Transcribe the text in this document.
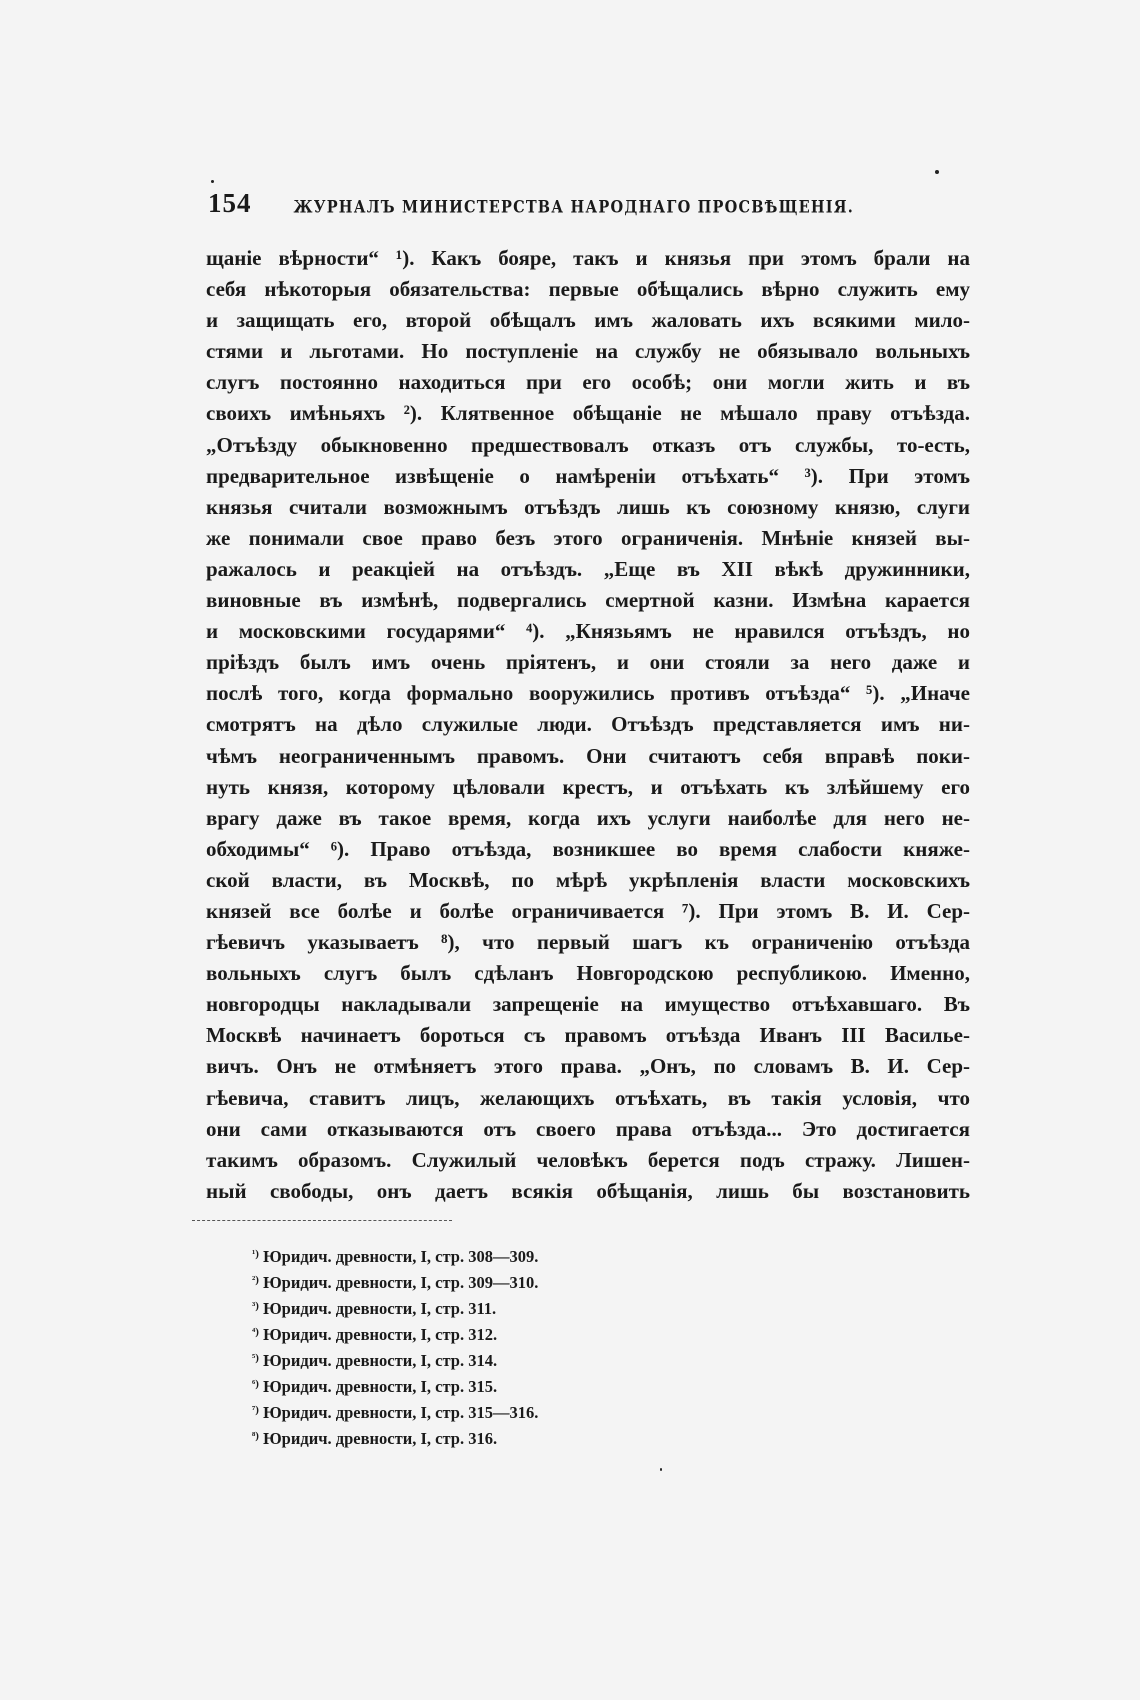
154	ЖУРНАЛЪ МИНИСТЕРСТВА НАРОДНАГО ПРОСВѢЩЕНІЯ.
щаніе вѣрности“ ¹). Какъ бояре, такъ и князья при этомъ брали на
себя нѣкоторыя обязательства: первые обѣщались вѣрно служить ему
и защищать его, второй обѣщалъ имъ жаловать ихъ всякими мило-
стями и льготами. Но поступленіе на службу не обязывало вольныхъ
слугъ постоянно находиться при его особѣ; они могли жить и въ
своихъ имѣньяхъ ²). Клятвенное обѣщаніе не мѣшало праву отъѣзда.
„Отъѣзду обыкновенно предшествовалъ отказъ отъ службы, то-есть,
предварительное извѣщеніе о намѣреніи отъѣхать“ ³). При этомъ
князья считали возможнымъ отъѣздъ лишь къ союзному князю, слуги
же понимали свое право безъ этого ограниченія. Мнѣніе князей вы-
ражалось и реакціей на отъѣздъ. „Еще въ XII вѣкѣ дружинники,
виновные въ измѣнѣ, подвергались смертной казни. Измѣна карается
и московскими государями“ ⁴). „Князьямъ не нравился отъѣздъ, но
пріѣздъ былъ имъ очень пріятенъ, и они стояли за него даже и
послѣ того, когда формально вооружились противъ отъѣзда“ ⁵). „Иначе
смотрятъ на дѣло служилые люди. Отъѣздъ представляется имъ ни-
чѣмъ неограниченнымъ правомъ. Они считаютъ себя вправѣ поки-
нуть князя, которому цѣловали крестъ, и отъѣхать къ злѣйшему его
врагу даже въ такое время, когда ихъ услуги наиболѣе для него не-
обходимы“ ⁶). Право отъѣзда, возникшее во время слабости княже-
ской власти, въ Москвѣ, по мѣрѣ укрѣпленія власти московскихъ
князей все болѣе и болѣе ограничивается ⁷). При этомъ В. И. Сер-
гѣевичъ указываетъ ⁸), что первый шагъ къ ограниченію отъѣзда
вольныхъ слугъ былъ сдѣланъ Новгородскою республикою. Именно,
новгородцы накладывали запрещеніе на имущество отъѣхавшаго. Въ
Москвѣ начинаетъ бороться съ правомъ отъѣзда Иванъ III Василье-
вичъ. Онъ не отмѣняетъ этого права. „Онъ, по словамъ В. И. Сер-
гѣевича, ставитъ лицъ, желающихъ отъѣхать, въ такія условія, что
они сами отказываются отъ своего права отъѣзда... Это достигается
такимъ образомъ. Служилый человѣкъ берется подъ стражу. Лишен-
ный свободы, онъ даетъ всякія обѣщанія, лишь бы возстановить
$^{^1)}$ Юридич. древности, I, стр. 308—309.
$^{^2)}$ Юридич. древности, I, стр. 309—310.
$^{^3)}$ Юридич. древности, I, стр. 311.
$^{^4)}$ Юридич. древности, I, стр. 312.
$^{^5)}$ Юридич. древности, I, стр. 314.
$^{^6)}$ Юридич. древности, I, стр. 315.
$^{^7)}$ Юридич. древности, I, стр. 315—316.
$^{^8)}$ Юридич. древности, I, стр. 316.
